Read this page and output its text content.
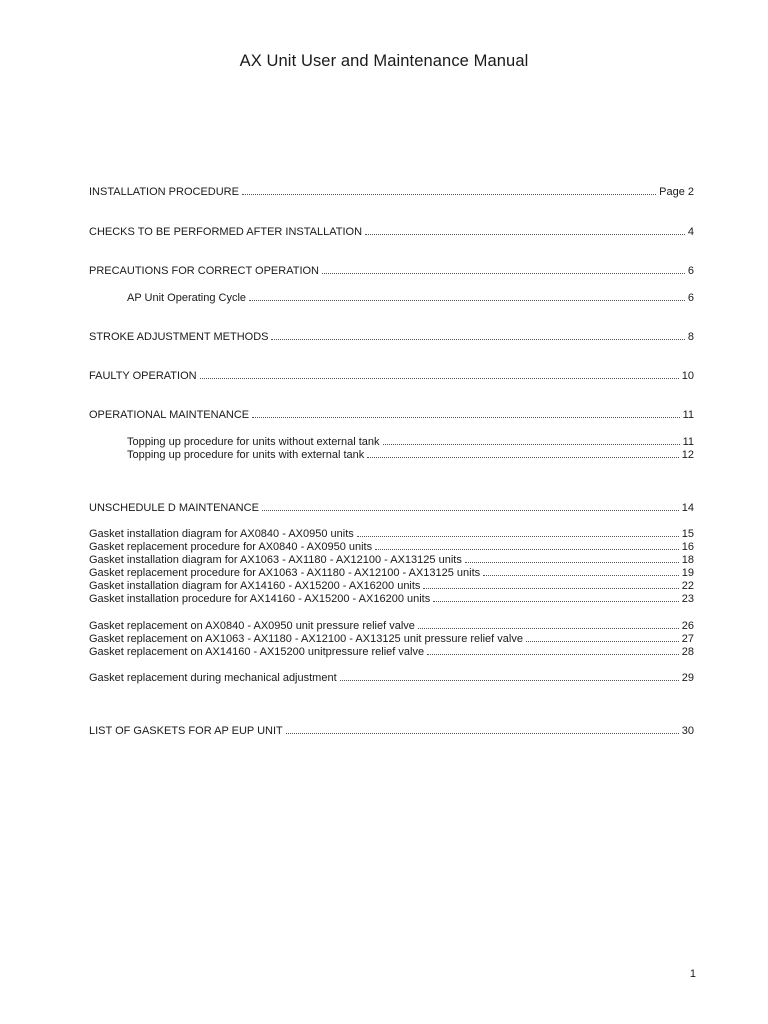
AX Unit User and Maintenance Manual
INSTALLATION PROCEDURE	Page 2
CHECKS TO BE PERFORMED AFTER INSTALLATION	4
PRECAUTIONS FOR CORRECT OPERATION	6
AP Unit Operating Cycle	6
STROKE ADJUSTMENT METHODS	8
FAULTY OPERATION	10
OPERATIONAL MAINTENANCE	11
Topping up procedure for units without external tank	11
Topping up procedure for units with external tank	12
UNSCHEDULE D MAINTENANCE	14
Gasket installation diagram for AX0840 - AX0950 units	15
Gasket replacement procedure for AX0840 - AX0950 units	16
Gasket installation diagram for AX1063 - AX1180 - AX12100 - AX13125 units	18
Gasket replacement procedure for AX1063 - AX1180 - AX12100 - AX13125 units	19
Gasket installation diagram for AX14160 - AX15200 - AX16200 units	22
Gasket installation procedure for AX14160 - AX15200 - AX16200 units	23
Gasket replacement on AX0840 - AX0950 unit pressure relief valve	26
Gasket replacement on AX1063 - AX1180 - AX12100 - AX13125 unit pressure relief valve	27
Gasket replacement on AX14160 - AX15200 unitpressure relief valve	28
Gasket replacement during mechanical adjustment	29
LIST OF GASKETS FOR AP EUP UNIT	30
1
